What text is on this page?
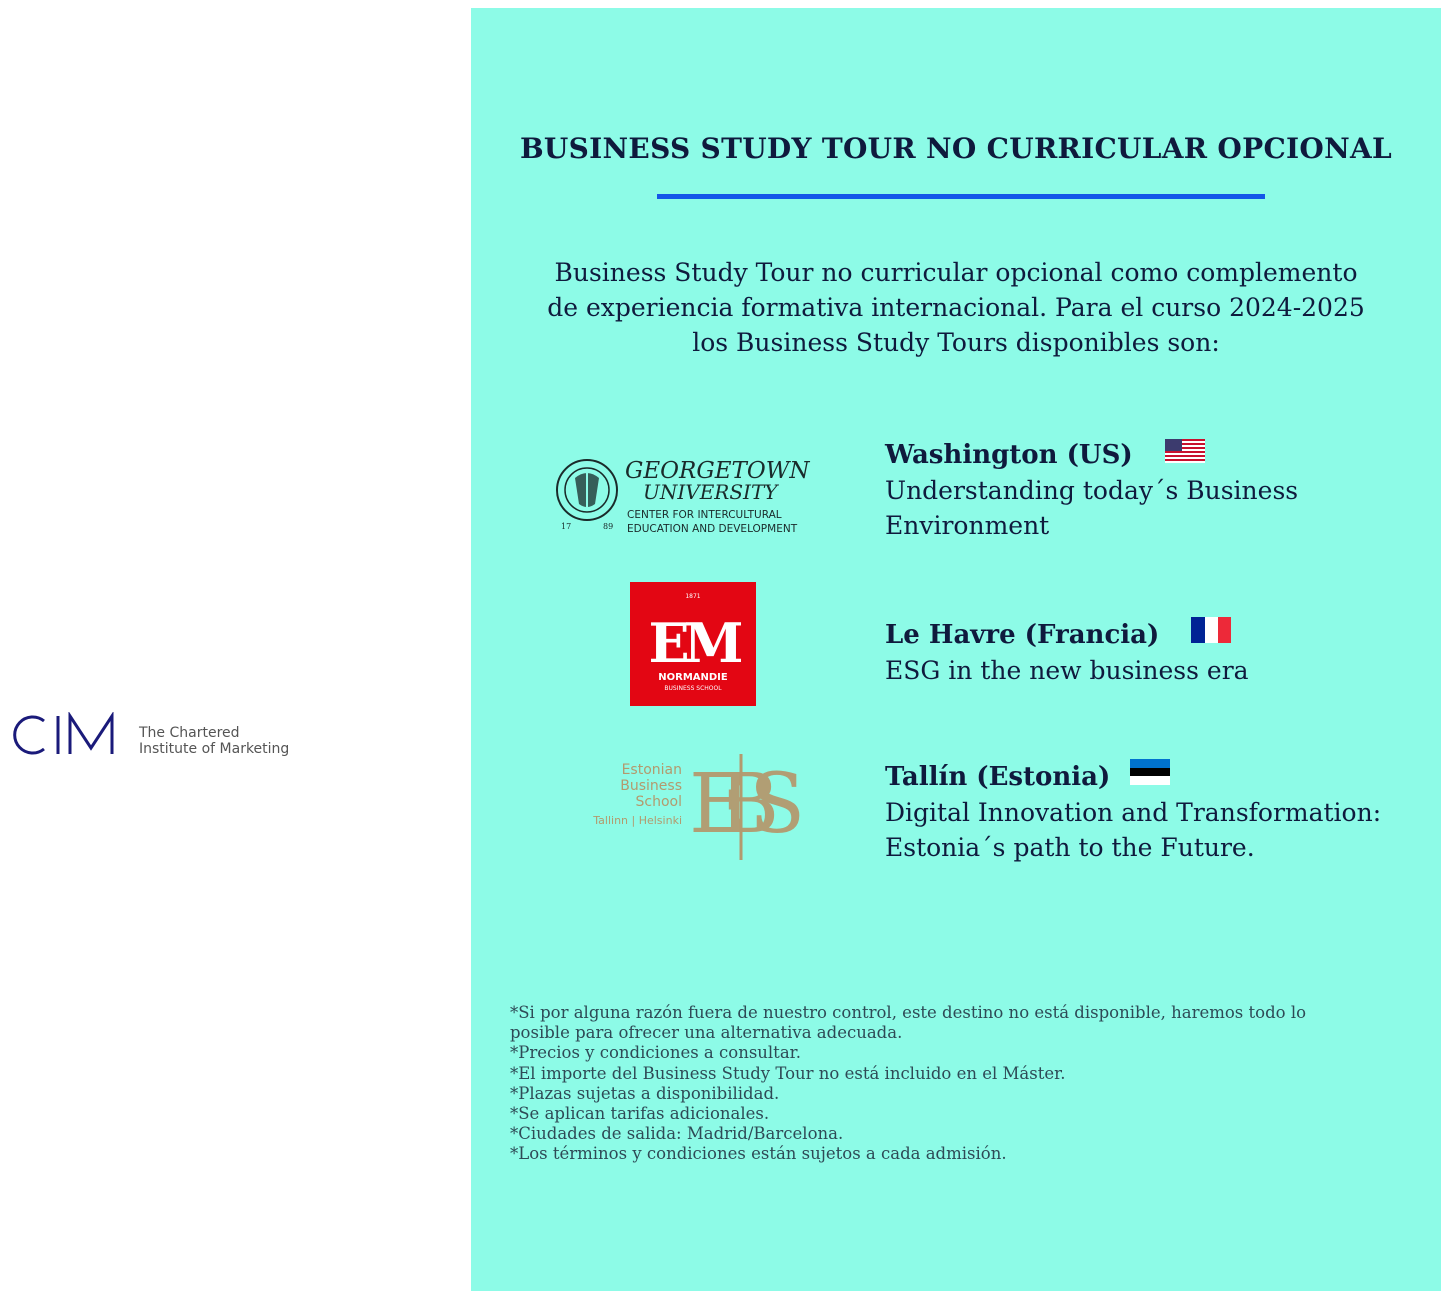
The Chartered
Institute of Marketing
BUSINESS STUDY TOUR NO CURRICULAR OPCIONAL
Business Study Tour no curricular opcional como complemento
de experiencia formativa internacional. Para el curso 2024-2025
los Business Study Tours disponibles son:
17	89
GEORGETOWN
UNIVERSITY
CENTER FOR INTERCULTURAL
EDUCATION AND DEVELOPMENT
Washington (US)
Understanding today´s Business
Environment
1871
EM
NORMANDIE
BUSINESS SCHOOL
Le Havre (Francia)
ESG in the new business era
Estonian
Business
School
Tallinn | Helsinki EBS	Tallín (Estonia)
Digital Innovation and Transformation:
Estonia´s path to the Future.
*Si por alguna razón fuera de nuestro control, este destino no está disponible, haremos todo lo
posible para ofrecer una alternativa adecuada.
*Precios y condiciones a consultar.
*El importe del Business Study Tour no está incluido en el Máster.
*Plazas sujetas a disponibilidad.
*Se aplican tarifas adicionales.
*Ciudades de salida: Madrid/Barcelona.
*Los términos y condiciones están sujetos a cada admisión.
